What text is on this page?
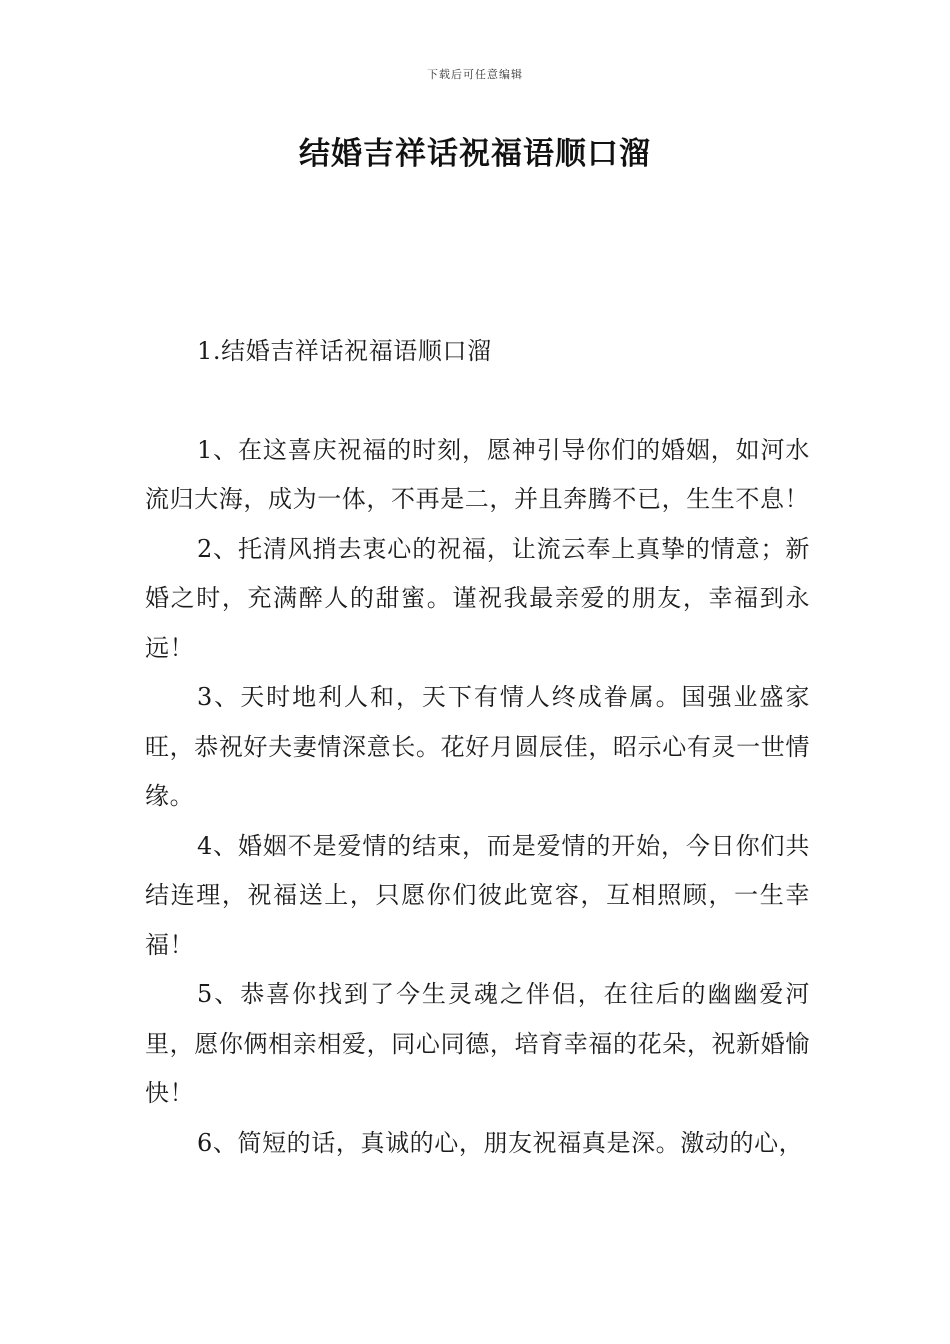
下载后可任意编辑
结婚吉祥话祝福语顺口溜

1.结婚吉祥话祝福语顺口溜

1、在这喜庆祝福的时刻，愿神引导你们的婚姻，如河水流归大海，成为一体，不再是二，并且奔腾不已，生生不息！

2、托清风捎去衷心的祝福，让流云奉上真挚的情意；新婚之时，充满醉人的甜蜜。谨祝我最亲爱的朋友，幸福到永远！

3、天时地利人和，天下有情人终成眷属。国强业盛家旺，恭祝好夫妻情深意长。花好月圆辰佳，昭示心有灵一世情缘。

4、婚姻不是爱情的结束，而是爱情的开始，今日你们共结连理，祝福送上，只愿你们彼此宽容，互相照顾，一生幸福！

5、恭喜你找到了今生灵魂之伴侣，在往后的幽幽爱河里，愿你俩相亲相爱，同心同德，培育幸福的花朵，祝新婚愉快！

6、简短的话，真诚的心，朋友祝福真是深。激动的心，
